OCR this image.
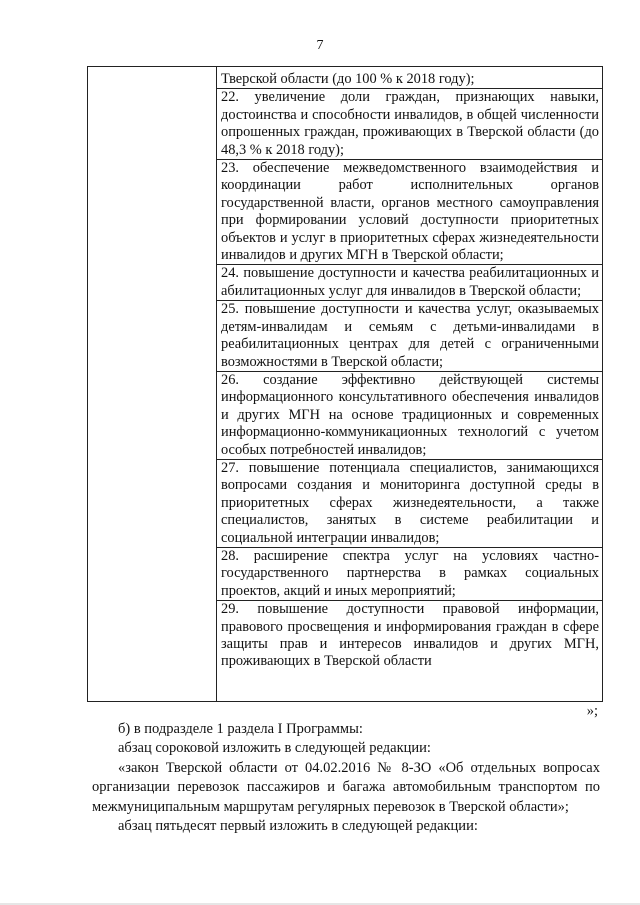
7

Тверской области (до 100 % к 2018 году);

22. увеличение доли граждан, признающих навыки, достоинства и способности инвалидов, в общей численности опрошенных граждан, проживающих в Тверской области (до 48,3 % к 2018 году);

23. обеспечение межведомственного взаимодействия и координации работ исполнительных органов государственной власти, органов местного самоуправления при формировании условий доступности приоритетных объектов и услуг в приоритетных сферах жизнедеятельности инвалидов и других МГН в Тверской области;

24. повышение доступности и качества реабилитационных и абилитационных услуг для инвалидов в Тверской области;

25. повышение доступности и качества услуг, оказываемых детям-инвалидам и семьям с детьми-инвалидами в реабилитационных центрах для детей с ограниченными возможностями в Тверской области;

26. создание эффективно действующей системы информационного консультативного обеспечения инвалидов и других МГН на основе традиционных и современных информационно-коммуникационных технологий с учетом особых потребностей инвалидов;

27. повышение потенциала специалистов, занимающихся вопросами создания и мониторинга доступной среды в приоритетных сферах жизнедеятельности, а также специалистов, занятых в системе реабилитации и социальной интеграции инвалидов;

28. расширение спектра услуг на условиях частно-государственного партнерства в рамках социальных проектов, акций и иных мероприятий;

29. повышение доступности правовой информации, правового просвещения и информирования граждан в сфере защиты прав и интересов инвалидов и других МГН, проживающих в Тверской области

»;

б) в подразделе 1 раздела I Программы:

абзац сороковой изложить в следующей редакции:

«закон Тверской области от 04.02.2016 № 8-ЗО «Об отдельных вопросах организации перевозок пассажиров и багажа автомобильным транспортом по межмуниципальным маршрутам регулярных перевозок в Тверской области»;

абзац пятьдесят первый изложить в следующей редакции:
